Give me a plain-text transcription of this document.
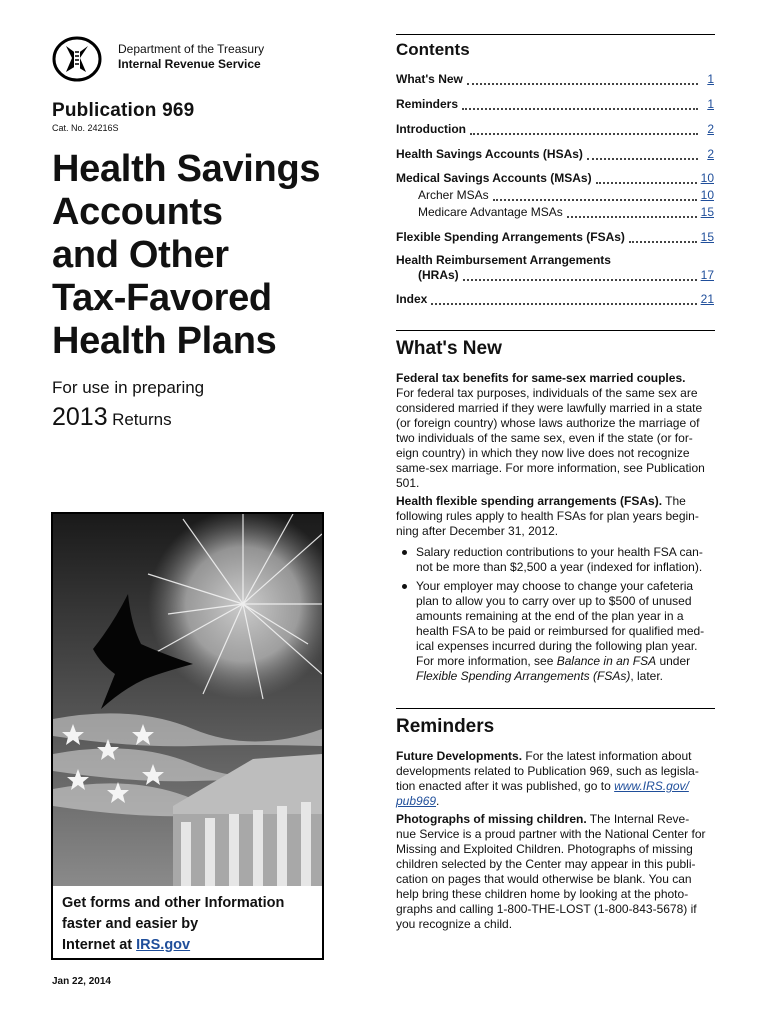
Department of the Treasury
Internal Revenue Service
Publication 969
Cat. No. 24216S
Health Savings
Accounts
and Other
Tax-Favored
Health Plans
For use in preparing
2013 Returns
Get forms and other Information
faster and easier by
Internet at IRS.gov
Jan 22, 2014
Contents
What's New	1
Reminders	1
Introduction	2
Health Savings Accounts (HSAs)	2
Medical Savings Accounts (MSAs)	10
Archer MSAs	10
Medicare Advantage MSAs	15
Flexible Spending Arrangements (FSAs)	15
Health Reimbursement Arrangements
(HRAs)	17
Index	21
What's New
Federal tax benefits for same-sex married couples.
For federal tax purposes, individuals of the same sex are
considered married if they were lawfully married in a state
(or foreign country) whose laws authorize the marriage of
two individuals of the same sex, even if the state (or for-
eign country) in which they now live does not recognize
same-sex marriage. For more information, see Publication
501.
Health flexible spending arrangements (FSAs). The
following rules apply to health FSAs for plan years begin-
ning after December 31, 2012.
Salary reduction contributions to your health FSA can-
not be more than $2,500 a year (indexed for inflation).
Your employer may choose to change your cafeteria
plan to allow you to carry over up to $500 of unused
amounts remaining at the end of the plan year in a
health FSA to be paid or reimbursed for qualified med-
ical expenses incurred during the following plan year.
For more information, see Balance in an FSA under
Flexible Spending Arrangements (FSAs), later.
Reminders
Future Developments. For the latest information about
developments related to Publication 969, such as legisla-
tion enacted after it was published, go to www.IRS.gov/
pub969.
Photographs of missing children. The Internal Reve-
nue Service is a proud partner with the National Center for
Missing and Exploited Children. Photographs of missing
children selected by the Center may appear in this publi-
cation on pages that would otherwise be blank. You can
help bring these children home by looking at the photo-
graphs and calling 1-800-THE-LOST (1-800-843-5678) if
you recognize a child.
